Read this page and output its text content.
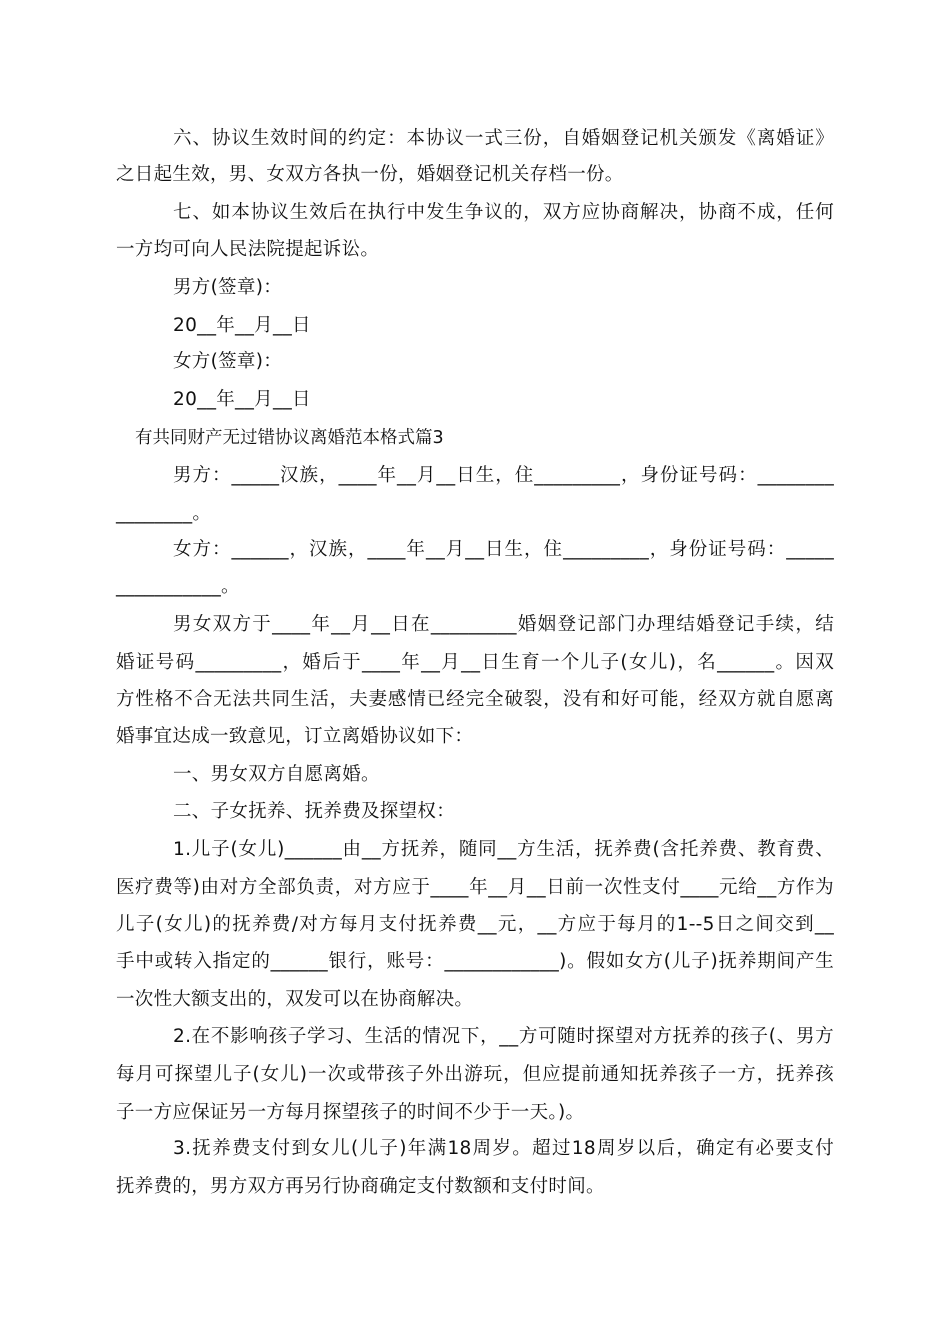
六、协议生效时间的约定：本协议一式三份，自婚姻登记机关颁发《离婚证》
之日起生效，男、女双方各执一份，婚姻登记机关存档一份。
七、如本协议生效后在执行中发生争议的，双方应协商解决，协商不成，任何
一方均可向人民法院提起诉讼。
男方(签章)：
20__年__月__日
女方(签章)：
20__年__月__日
有共同财产无过错协议离婚范本格式篇3
男方：_____汉族，____年__月__日生，住_________，身份证号码：________
________。
女方：______，汉族，____年__月__日生，住_________，身份证号码：_____
___________。
男女双方于____年__月__日在_________婚姻登记部门办理结婚登记手续，结
婚证号码_________，婚后于____年__月__日生育一个儿子(女儿)，名______。因双
方性格不合无法共同生活，夫妻感情已经完全破裂，没有和好可能，经双方就自愿离
婚事宜达成一致意见，订立离婚协议如下：
一、男女双方自愿离婚。
二、子女抚养、抚养费及探望权：
1.儿子(女儿)______由__方抚养，随同__方生活，抚养费(含托养费、教育费、
医疗费等)由对方全部负责，对方应于____年__月__日前一次性支付____元给__方作为
儿子(女儿)的抚养费/对方每月支付抚养费__元，__方应于每月的1--5日之间交到__
手中或转入指定的______银行，账号：____________)。假如女方(儿子)抚养期间产生
一次性大额支出的，双发可以在协商解决。
2.在不影响孩子学习、生活的情况下，__方可随时探望对方抚养的孩子(、男方
每月可探望儿子(女儿)一次或带孩子外出游玩，但应提前通知抚养孩子一方，抚养孩
子一方应保证另一方每月探望孩子的时间不少于一天。)。
3.抚养费支付到女儿(儿子)年满18周岁。超过18周岁以后，确定有必要支付
抚养费的，男方双方再另行协商确定支付数额和支付时间。
